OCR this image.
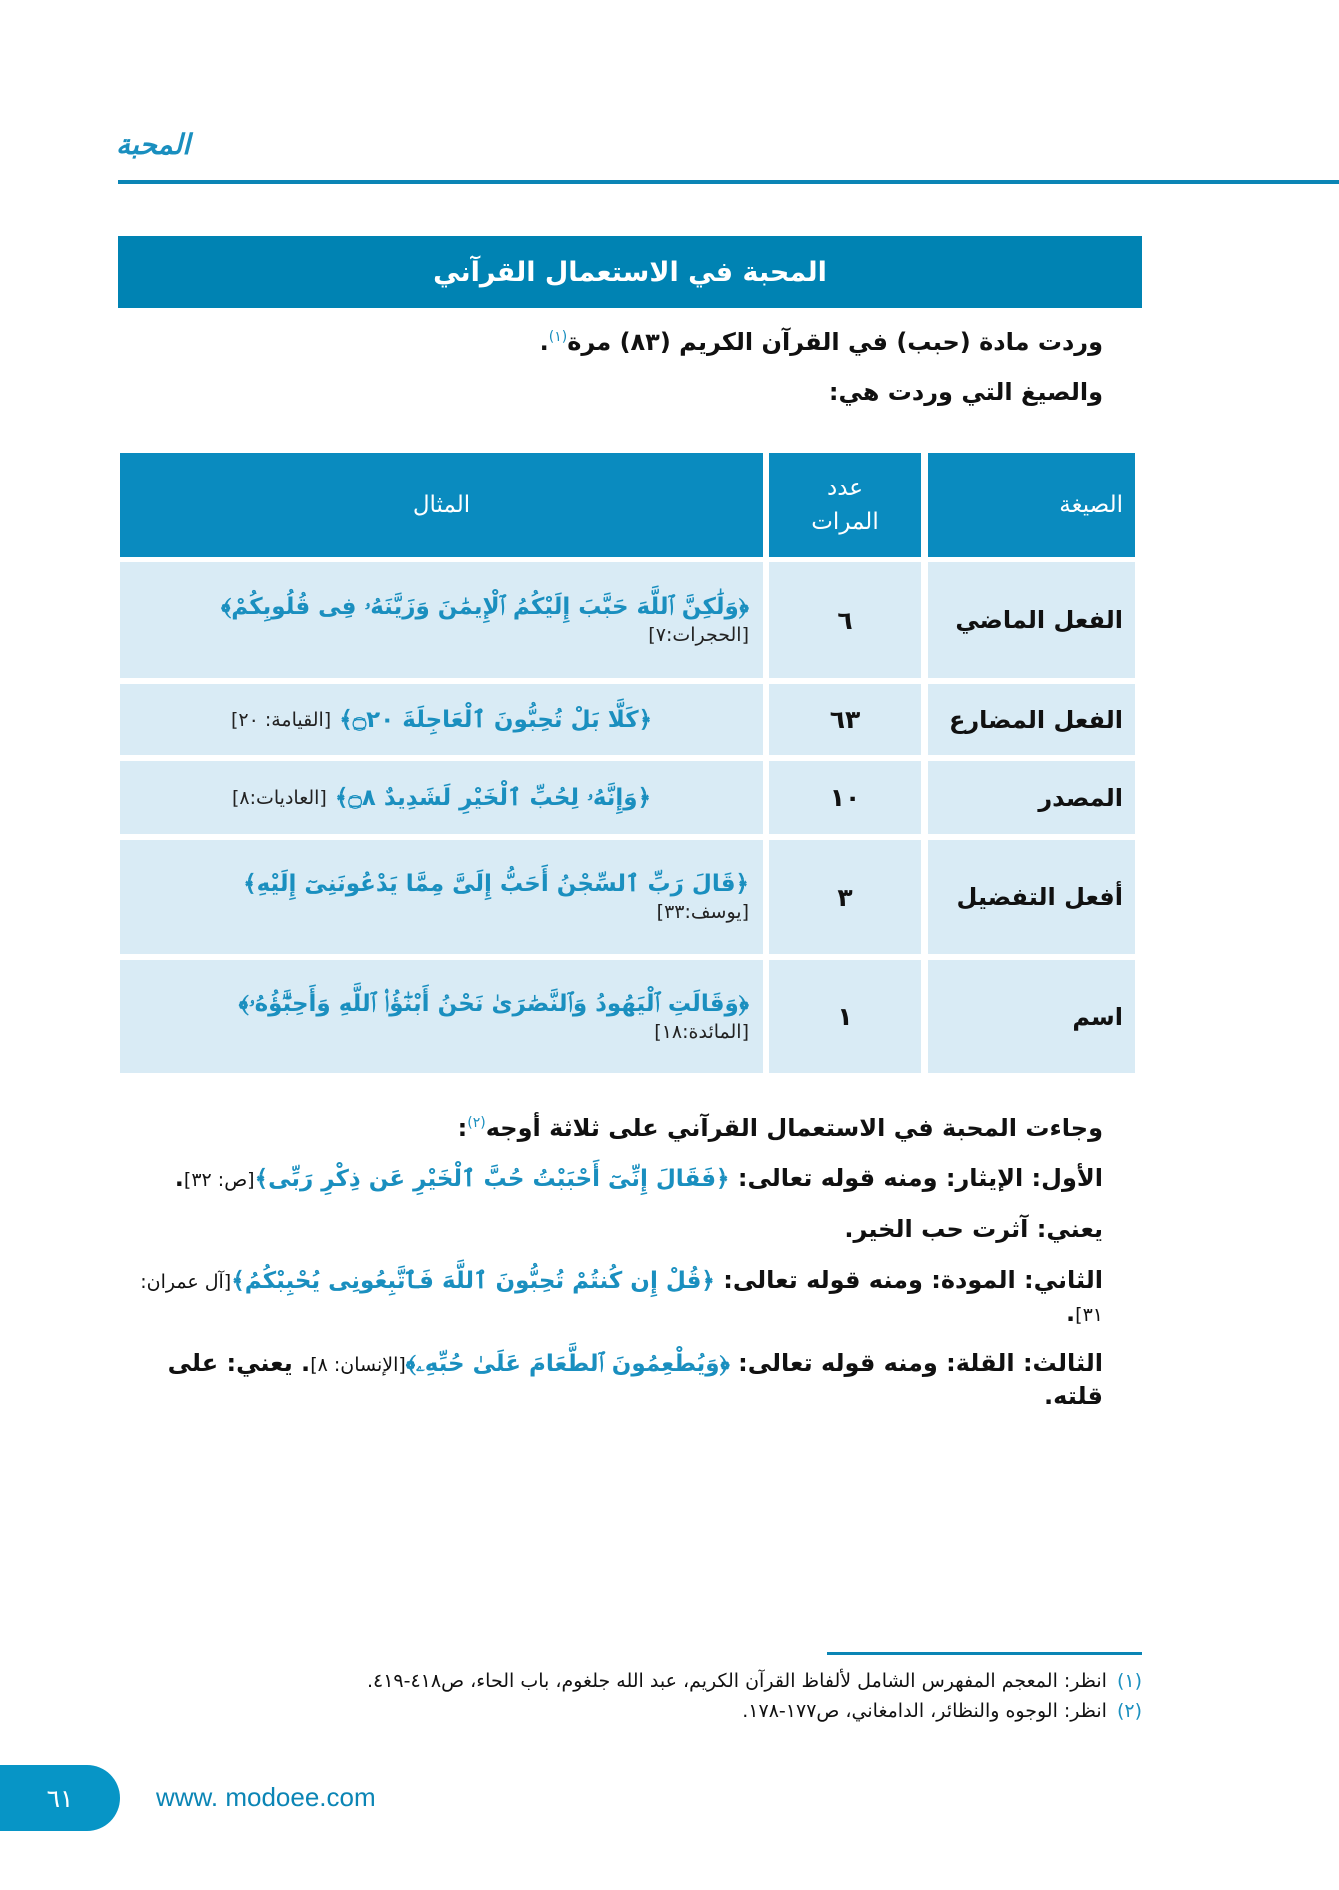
المحبة
المحبة في الاستعمال القرآني
وردت مادة (حبب) في القرآن الكريم (٨٣) مرة$^{(١)}$.
والصيغ التي وردت هي:
الصيغة
عدد المرات
المثال
الفعل الماضي
٦
﴿وَلَٰكِنَّ ٱللَّهَ حَبَّبَ إِلَيْكُمُ ٱلْإِيمَٰنَ وَزَيَّنَهُۥ فِى قُلُوبِكُمْ﴾
[الحجرات:٧]
الفعل المضارع
٦٣
﴿كَلَّا بَلْ تُحِبُّونَ ٱلْعَاجِلَةَ ۝٢٠﴾
[القيامة: ٢٠]
المصدر
١٠
﴿وَإِنَّهُۥ لِحُبِّ ٱلْخَيْرِ لَشَدِيدٌ ۝٨﴾
[العاديات:٨]
أفعل التفضيل
٣
﴿قَالَ رَبِّ ٱلسِّجْنُ أَحَبُّ إِلَىَّ مِمَّا يَدْعُونَنِىٓ إِلَيْهِ﴾
[يوسف:٣٣]
اسم
١
﴿وَقَالَتِ ٱلْيَهُودُ وَٱلنَّصَٰرَىٰ نَحْنُ أَبْنَٰٓؤُا۟ ٱللَّهِ وَأَحِبَّٰٓؤُهُۥ﴾
[المائدة:١٨]
وجاءت المحبة في الاستعمال القرآني على ثلاثة أوجه$^{(٢)}$:
الأول: الإيثار: ومنه قوله تعالى: ﴿فَقَالَ إِنِّىٓ أَحْبَبْتُ حُبَّ ٱلْخَيْرِ عَن ذِكْرِ رَبِّى﴾[ص: ٣٢].
يعني: آثرت حب الخير.
الثاني: المودة: ومنه قوله تعالى: ﴿قُلْ إِن كُنتُمْ تُحِبُّونَ ٱللَّهَ فَٱتَّبِعُونِى يُحْبِبْكُمُ﴾[آل عمران: ٣١].
الثالث: القلة: ومنه قوله تعالى: ﴿وَيُطْعِمُونَ ٱلطَّعَامَ عَلَىٰ حُبِّهِۦ﴾[الإنسان: ٨]. يعني: على قلته.
(١)انظر: المعجم المفهرس الشامل لألفاظ القرآن الكريم، عبد الله جلغوم، باب الحاء، ص٤١٨-٤١٩.
(٢)انظر: الوجوه والنظائر، الدامغاني، ص١٧٧-١٧٨.
٦١	www. modoee.com
